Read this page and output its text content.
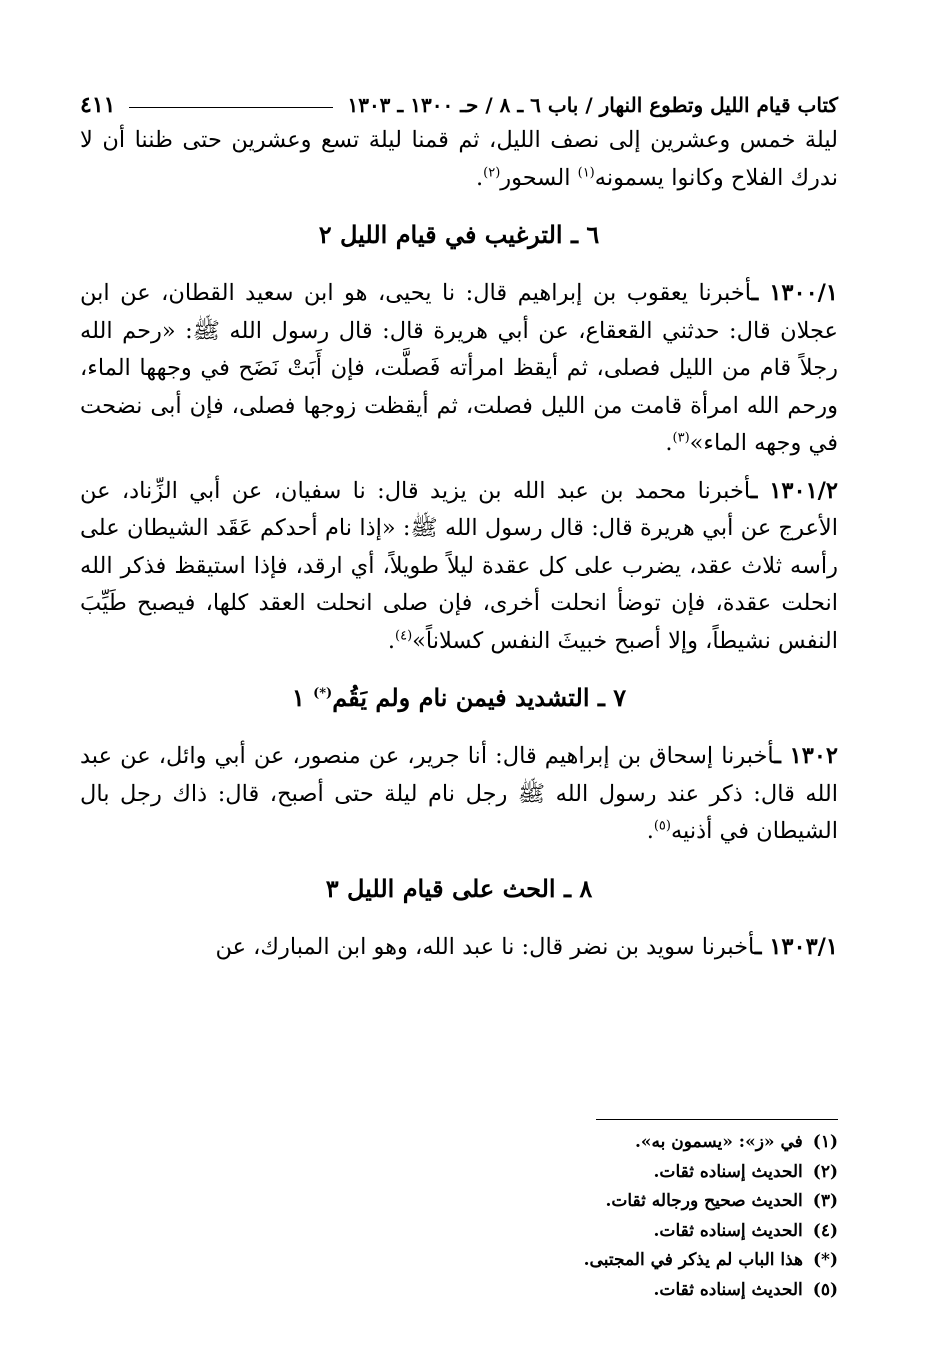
كتاب قيام الليل وتطوع النهار / باب ٦ ـ ٨ / حـ ١٣٠٠ ـ ١٣٠٣
٤١١

ليلة خمس وعشرين إلى نصف الليل، ثم قمنا ليلة تسع وعشرين حتى ظننا أن لا ندرك الفلاح وكانوا يسمونه$^{(١)}$ السحور$^{(٢)}$.

٦ ـ الترغيب في قيام الليل ٢

١٣٠٠/١ ـأخبرنا يعقوب بن إبراهيم قال: نا يحيى، هو ابن سعيد القطان، عن ابن عجلان قال: حدثني القعقاع، عن أبي هريرة قال: قال رسول الله ﷺ: «رحم الله رجلاً قام من الليل فصلى، ثم أيقظ امرأته فَصلَّت، فإن أَبَتْ نَضَح في وجهها الماء، ورحم الله امرأة قامت من الليل فصلت، ثم أيقظت زوجها فصلى، فإن أبى نضحت في وجهه الماء»$^{(٣)}$.

١٣٠١/٢ ـأخبرنا محمد بن عبد الله بن يزيد قال: نا سفيان، عن أبي الزِّناد، عن الأعرج عن أبي هريرة قال: قال رسول الله ﷺ: «إذا نام أحدكم عَقَد الشيطان على رأسه ثلاث عقد، يضرب على كل عقدة ليلاً طويلاً، أي ارقد، فإذا استيقظ فذكر الله انحلت عقدة، فإن توضأ انحلت أخرى، فإن صلى انحلت العقد كلها، فيصبح طَيِّبَ النفس نشيطاً، وإلا أصبح خبيثَ النفس كسلاناً»$^{(٤)}$.

٧ ـ التشديد فيمن نام ولم يَقُم(*) ١

١٣٠٢ ـأخبرنا إسحاق بن إبراهيم قال: أنا جرير، عن منصور، عن أبي وائل، عن عبد الله قال: ذكر عند رسول الله ﷺ رجل نام ليلة حتى أصبح، قال: ذاك رجل بال الشيطان في أذنيه$^{(٥)}$.

٨ ـ الحث على قيام الليل ٣

١٣٠٣/١ ـأخبرنا سويد بن نضر قال: نا عبد الله، وهو ابن المبارك، عن

(١)في «ز»: «يسمون به».
(٢)الحديث إسناده ثقات.
(٣)الحديث صحيح ورجاله ثقات.
(٤)الحديث إسناده ثقات.
(*)هذا الباب لم يذكر في المجتبى.
(٥)الحديث إسناده ثقات.
